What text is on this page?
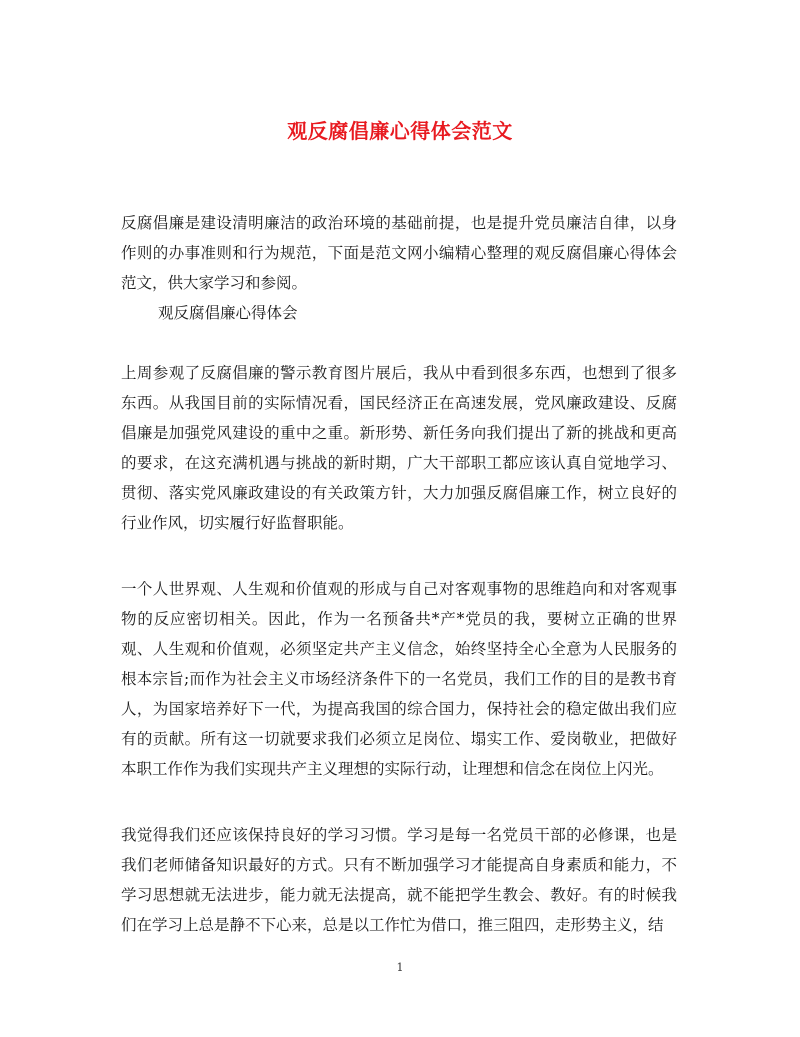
观反腐倡廉心得体会范文
反腐倡廉是建设清明廉洁的政治环境的基础前提，也是提升党员廉洁自律，以身作则的办事准则和行为规范，下面是范文网小编精心整理的观反腐倡廉心得体会范文，供大家学习和参阅。
观反腐倡廉心得体会
上周参观了反腐倡廉的警示教育图片展后，我从中看到很多东西，也想到了很多东西。从我国目前的实际情况看，国民经济正在高速发展，党风廉政建设、反腐倡廉是加强党风建设的重中之重。新形势、新任务向我们提出了新的挑战和更高的要求，在这充满机遇与挑战的新时期，广大干部职工都应该认真自觉地学习、贯彻、落实党风廉政建设的有关政策方针，大力加强反腐倡廉工作，树立良好的行业作风，切实履行好监督职能。
一个人世界观、人生观和价值观的形成与自己对客观事物的思维趋向和对客观事物的反应密切相关。因此，作为一名预备共*产*党员的我，要树立正确的世界观、人生观和价值观，必须坚定共产主义信念，始终坚持全心全意为人民服务的根本宗旨;而作为社会主义市场经济条件下的一名党员，我们工作的目的是教书育人，为国家培养好下一代，为提高我国的综合国力，保持社会的稳定做出我们应有的贡献。所有这一切就要求我们必须立足岗位、塌实工作、爱岗敬业，把做好本职工作作为我们实现共产主义理想的实际行动，让理想和信念在岗位上闪光。
我觉得我们还应该保持良好的学习习惯。学习是每一名党员干部的必修课，也是我们老师储备知识最好的方式。只有不断加强学习才能提高自身素质和能力，不学习思想就无法进步，能力就无法提高，就不能把学生教会、教好。有的时候我们在学习上总是静不下心来，总是以工作忙为借口，推三阻四，走形势主义，结
1
